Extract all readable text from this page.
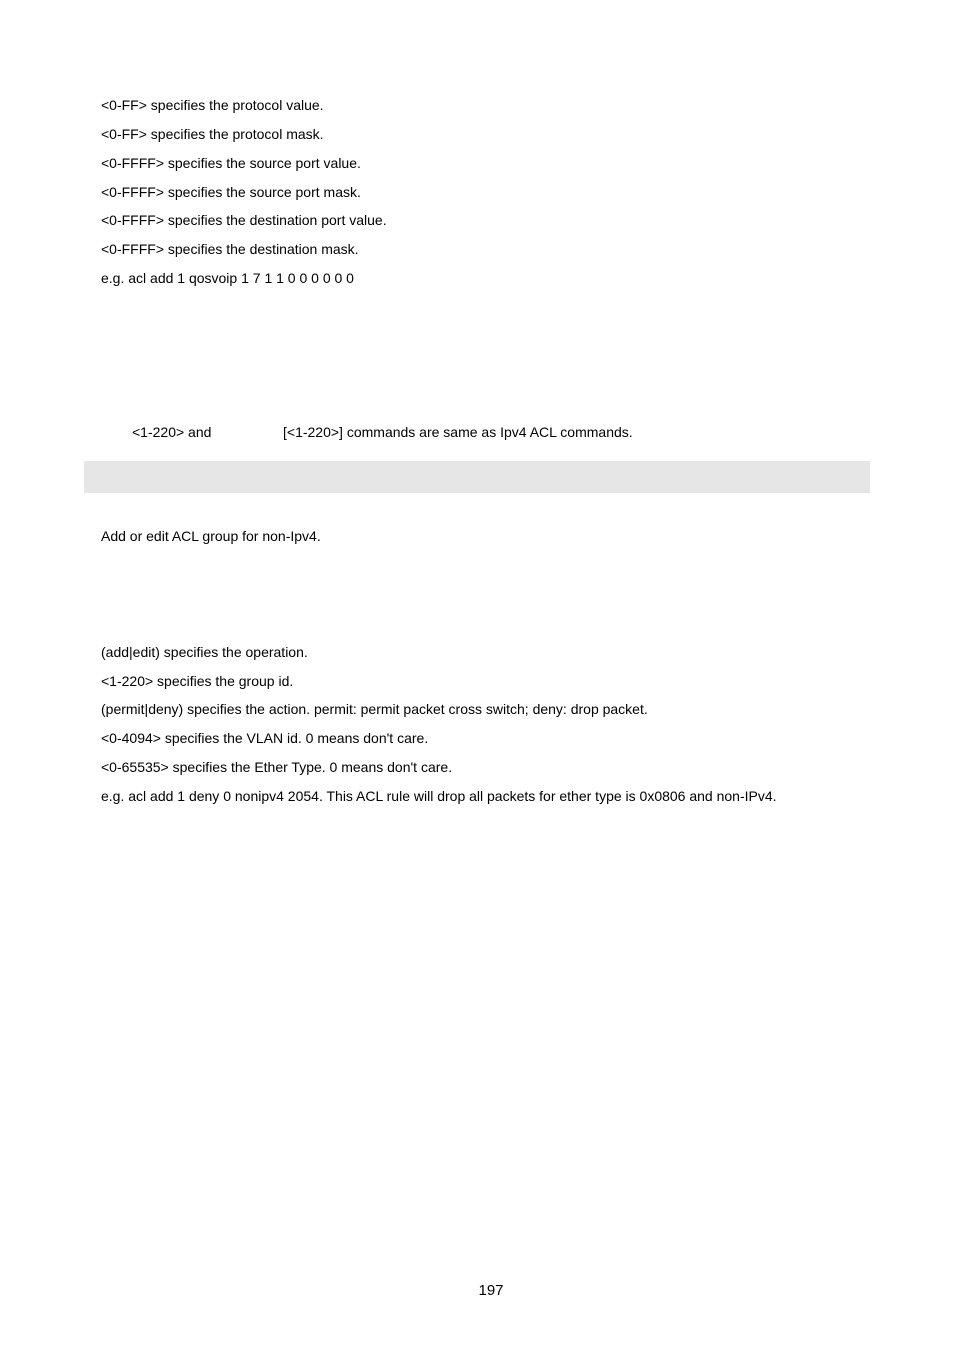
<0-FF> specifies the protocol value.
<0-FF> specifies the protocol mask.
<0-FFFF> specifies the source port value.
<0-FFFF> specifies the source port mask.
<0-FFFF> specifies the destination port value.
<0-FFFF> specifies the destination mask.
e.g. acl add 1 qosvoip 1 7 1 1 0 0 0 0 0 0
<1-220> and	[<1-220>] commands are same as Ipv4 ACL commands.
Add or edit ACL group for non-Ipv4.
(add|edit) specifies the operation.
<1-220> specifies the group id.
(permit|deny) specifies the action. permit: permit packet cross switch; deny: drop packet.
<0-4094> specifies the VLAN id. 0 means don't care.
<0-65535> specifies the Ether Type. 0 means don't care.
e.g. acl add 1 deny 0 nonipv4 2054. This ACL rule will drop all packets for ether type is 0x0806 and non-IPv4.
197
